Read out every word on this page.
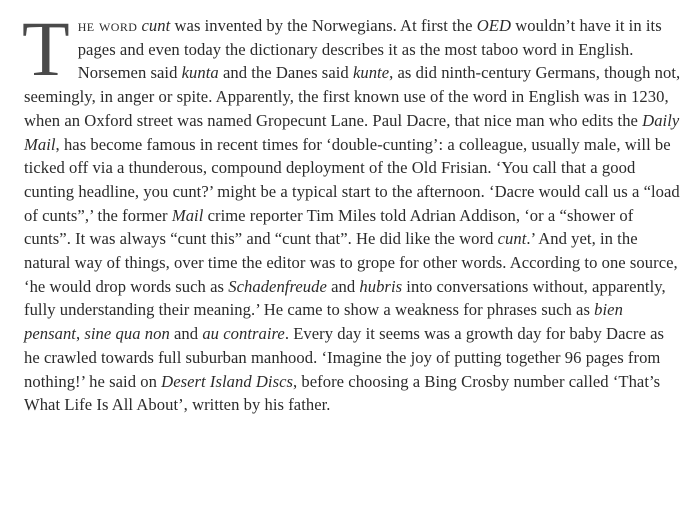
The word cunt was invented by the Norwegians. At first the OED wouldn’t have it in its pages and even today the dictionary describes it as the most taboo word in English. Norsemen said kunta and the Danes said kunte, as did ninth-century Germans, though not, seemingly, in anger or spite. Apparently, the first known use of the word in English was in 1230, when an Oxford street was named Gropecunt Lane. Paul Dacre, that nice man who edits the Daily Mail, has become famous in recent times for ‘double-cunting’: a colleague, usually male, will be ticked off via a thunderous, compound deployment of the Old Frisian. ‘You call that a good cunting headline, you cunt?’ might be a typical start to the afternoon. ‘Dacre would call us a “load of cunts”,’ the former Mail crime reporter Tim Miles told Adrian Addison, ‘or a “shower of cunts”. It was always “cunt this” and “cunt that”. He did like the word cunt.’ And yet, in the natural way of things, over time the editor was to grope for other words. According to one source, ‘he would drop words such as Schadenfreude and hubris into conversations without, apparently, fully understanding their meaning.’ He came to show a weakness for phrases such as bien pensant, sine qua non and au contraire. Every day it seems was a growth day for baby Dacre as he crawled towards full suburban manhood. ‘Imagine the joy of putting together 96 pages from nothing!’ he said on Desert Island Discs, before choosing a Bing Crosby number called ‘That’s What Life Is All About’, written by his father.
